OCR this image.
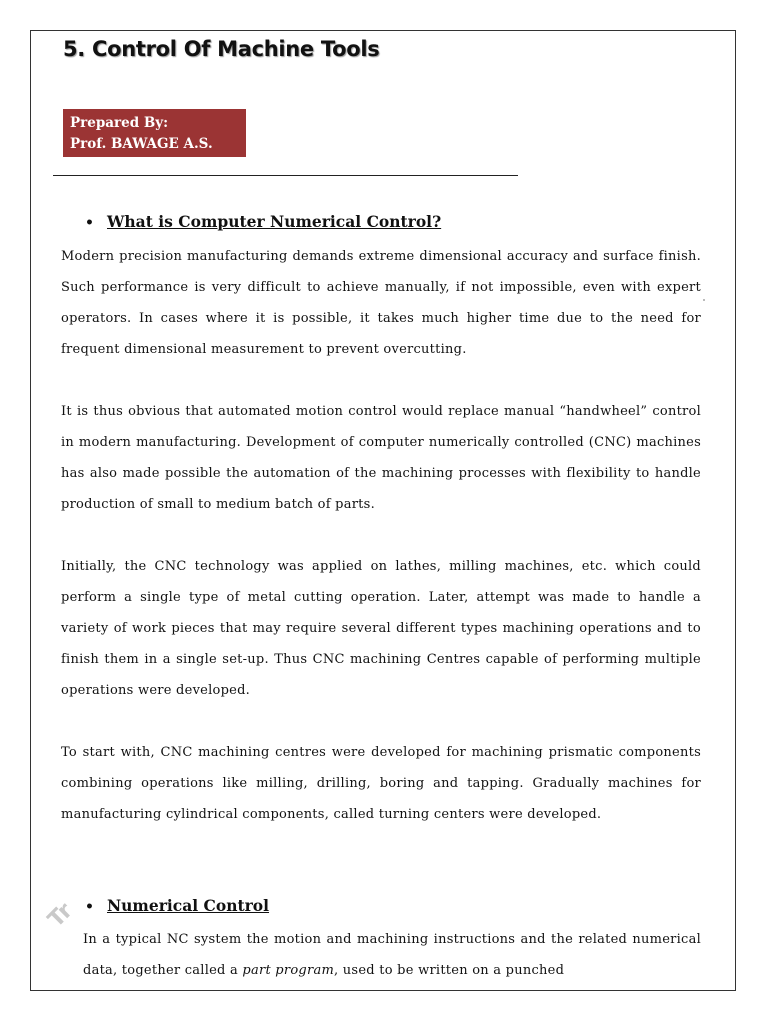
5. Control Of Machine Tools
Prepared By:
Prof. BAWAGE A.S.
• What is Computer Numerical Control?

Modern precision manufacturing demands extreme dimensional accuracy and surface finish. Such performance is very difficult to achieve manually, if not impossible, even with expert operators. In cases where it is possible, it takes much higher time due to the need for frequent dimensional measurement to prevent overcutting.

It is thus obvious that automated motion control would replace manual “handwheel” control in modern manufacturing. Development of computer numerically controlled (CNC) machines has also made possible the automation of the machining processes with flexibility to handle production of small to medium batch of parts.

Initially, the CNC technology was applied on lathes, milling machines, etc. which could perform a single type of metal cutting operation. Later, attempt was made to handle a variety of work pieces that may require several different types machining operations and to finish them in a single set-up. Thus CNC machining Centres capable of performing multiple operations were developed.

To start with, CNC machining centres were developed for machining prismatic components combining operations like milling, drilling, boring and tapping. Gradually machines for manufacturing cylindrical components, called turning centers were developed.

• Numerical Control

In a typical NC system the motion and machining instructions and the related numerical data, together called a part program, used to be written on a punched

Tr
